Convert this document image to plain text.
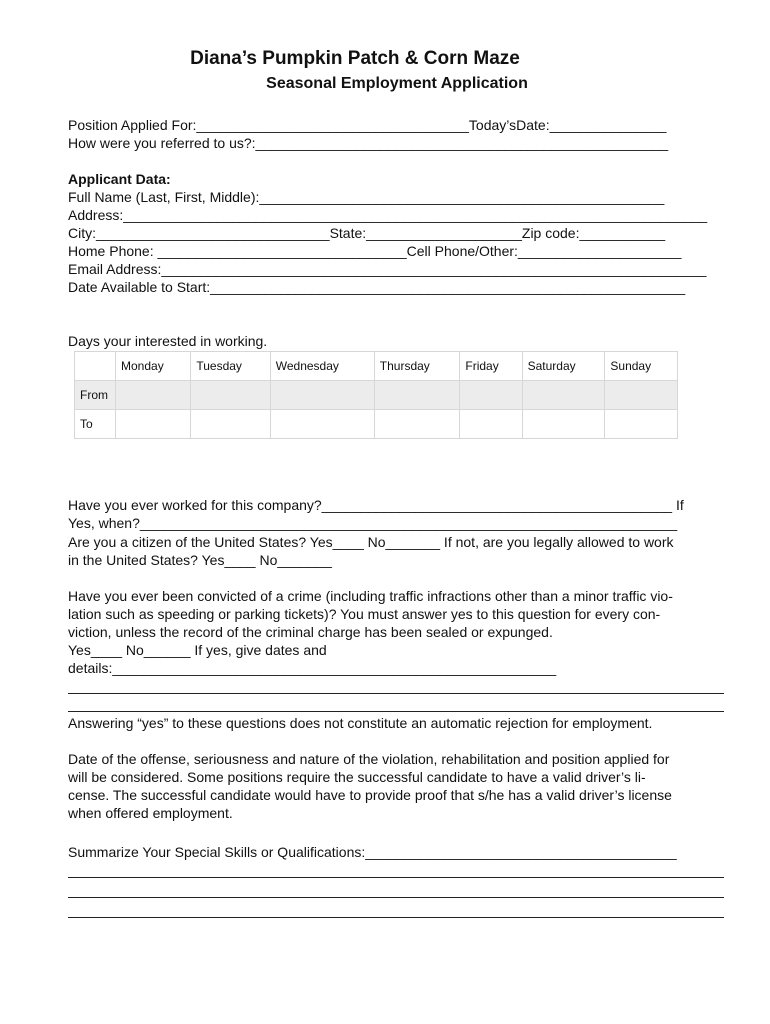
Diana’s Pumpkin Patch & Corn Maze
Seasonal Employment Application
Position Applied For:___________________________________Today’sDate:_______________
How were you referred to us?:_____________________________________________________
Applicant Data:
Full Name (Last, First, Middle):____________________________________________________
Address:___________________________________________________________________________
City:______________________________State:____________________Zip code:___________
Home Phone: ________________________________Cell Phone/Other:_____________________
Email Address:______________________________________________________________________
Date Available to Start:_____________________________________________________________
Days your interested in working.
	Monday	Tuesday	Wednesday	Thursday	Friday	Saturday	Sunday
From							
To							
Have you ever worked for this company?_____________________________________________ If
Yes, when?_____________________________________________________________________
Are you a citizen of the United States? Yes____ No_______ If not, are you legally allowed to work
in the United States? Yes____ No_______
Have you ever been convicted of a crime (including traffic infractions other than a minor traffic vio-
lation such as speeding or parking tickets)? You must answer yes to this question for every con-
viction, unless the record of the criminal charge has been sealed or expunged.
Yes____ No______ If yes, give dates and
details:_________________________________________________________
Answering “yes” to these questions does not constitute an automatic rejection for employment.
Date of the offense, seriousness and nature of the violation, rehabilitation and position applied for
will be considered. Some positions require the successful candidate to have a valid driver’s li-
cense. The successful candidate would have to provide proof that s/he has a valid driver’s license
when offered employment.
Summarize Your Special Skills or Qualifications:________________________________________
